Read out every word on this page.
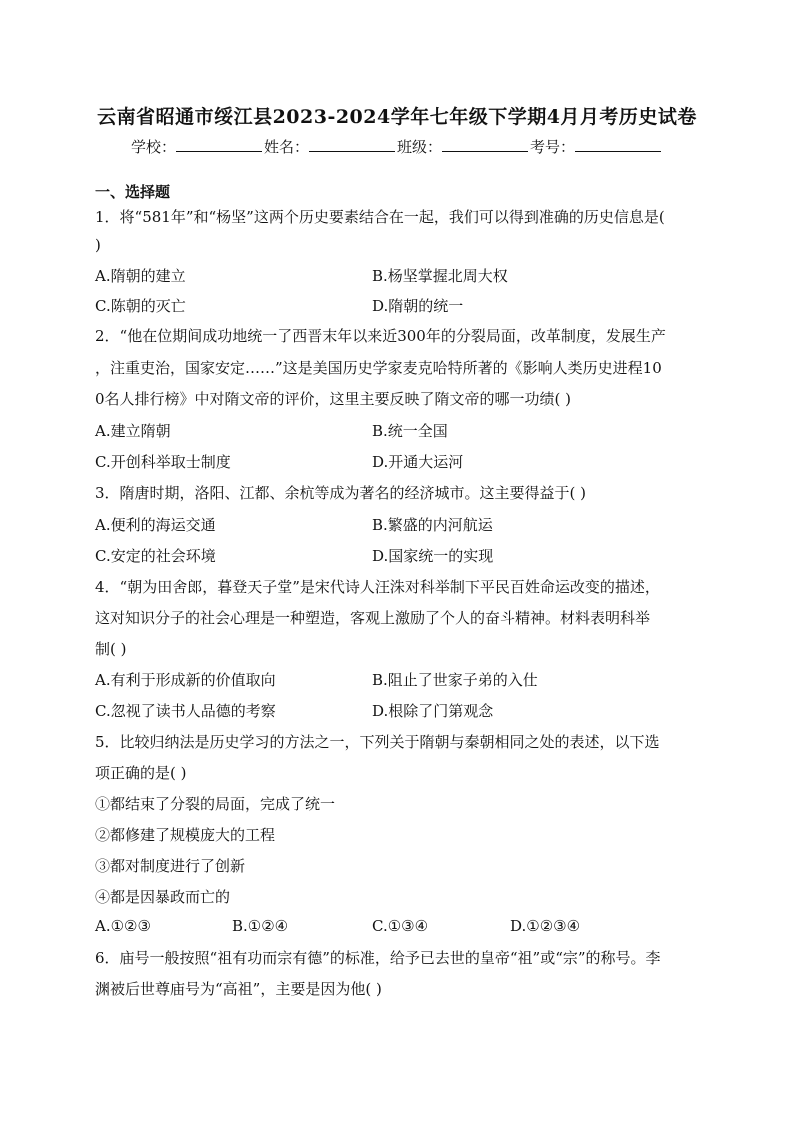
云南省昭通市绥江县2023-2024学年七年级下学期4月月考历史试卷
学校：	姓名：	班级：	考号：
一、选择题
1．将“581年”和“杨坚”这两个历史要素结合在一起，我们可以得到准确的历史信息是(
)
A.隋朝的建立	B.杨坚掌握北周大权
C.陈朝的灭亡	D.隋朝的统一
2．“他在位期间成功地统一了西晋末年以来近300年的分裂局面，改革制度，发展生产
，注重吏治，国家安定……”这是美国历史学家麦克哈特所著的《影响人类历史进程10
0名人排行榜》中对隋文帝的评价，这里主要反映了隋文帝的哪一功绩( )
A.建立隋朝	B.统一全国
C.开创科举取士制度	D.开通大运河
3．隋唐时期，洛阳、江都、余杭等成为著名的经济城市。这主要得益于( )
A.便利的海运交通	B.繁盛的内河航运
C.安定的社会环境	D.国家统一的实现
4．“朝为田舍郎，暮登天子堂”是宋代诗人汪洙对科举制下平民百姓命运改变的描述，
这对知识分子的社会心理是一种塑造，客观上激励了个人的奋斗精神。材料表明科举
制( )
A.有利于形成新的价值取向	B.阻止了世家子弟的入仕
C.忽视了读书人品德的考察	D.根除了门第观念
5．比较归纳法是历史学习的方法之一，下列关于隋朝与秦朝相同之处的表述，以下选
项正确的是( )
①都结束了分裂的局面，完成了统一
②都修建了规模庞大的工程
③都对制度进行了创新
④都是因暴政而亡的
A.①②③	B.①②④	C.①③④	D.①②③④
6．庙号一般按照“祖有功而宗有德”的标准，给予已去世的皇帝“祖”或“宗”的称号。李
渊被后世尊庙号为“高祖”，主要是因为他( )
